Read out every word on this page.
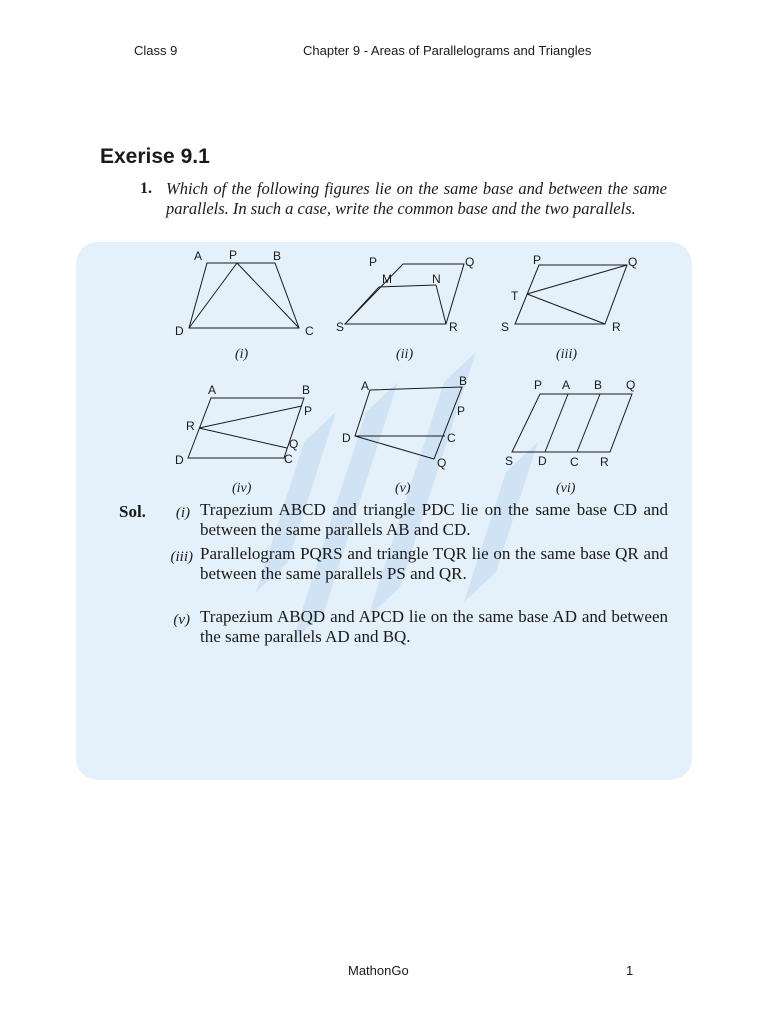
Class 9	Chapter 9 - Areas of Parallelograms and Triangles
Exerise 9.1
1. Which of the following figures lie on the same base and between the same parallels. In such a case, write the common base and the two parallels.
A P	B
D	C
(i)
P	Q
M	N
S	R
(ii)
P	Q
T
S	R
(iii)
A	B
P
R
Q
D	C
(iv)
A	B
P
D	C
Q
(v)
P A B Q
S D C R
(vi)
Sol.	(i) Trapezium ABCD and triangle PDC lie on the same base CD and between the same parallels AB and CD.
(iii) Parallelogram PQRS and triangle TQR lie on the same base QR and between the same parallels PS and QR.
(v) Trapezium ABQD and APCD lie on the same base AD and between the same parallels AD and BQ.
MathonGo	1
